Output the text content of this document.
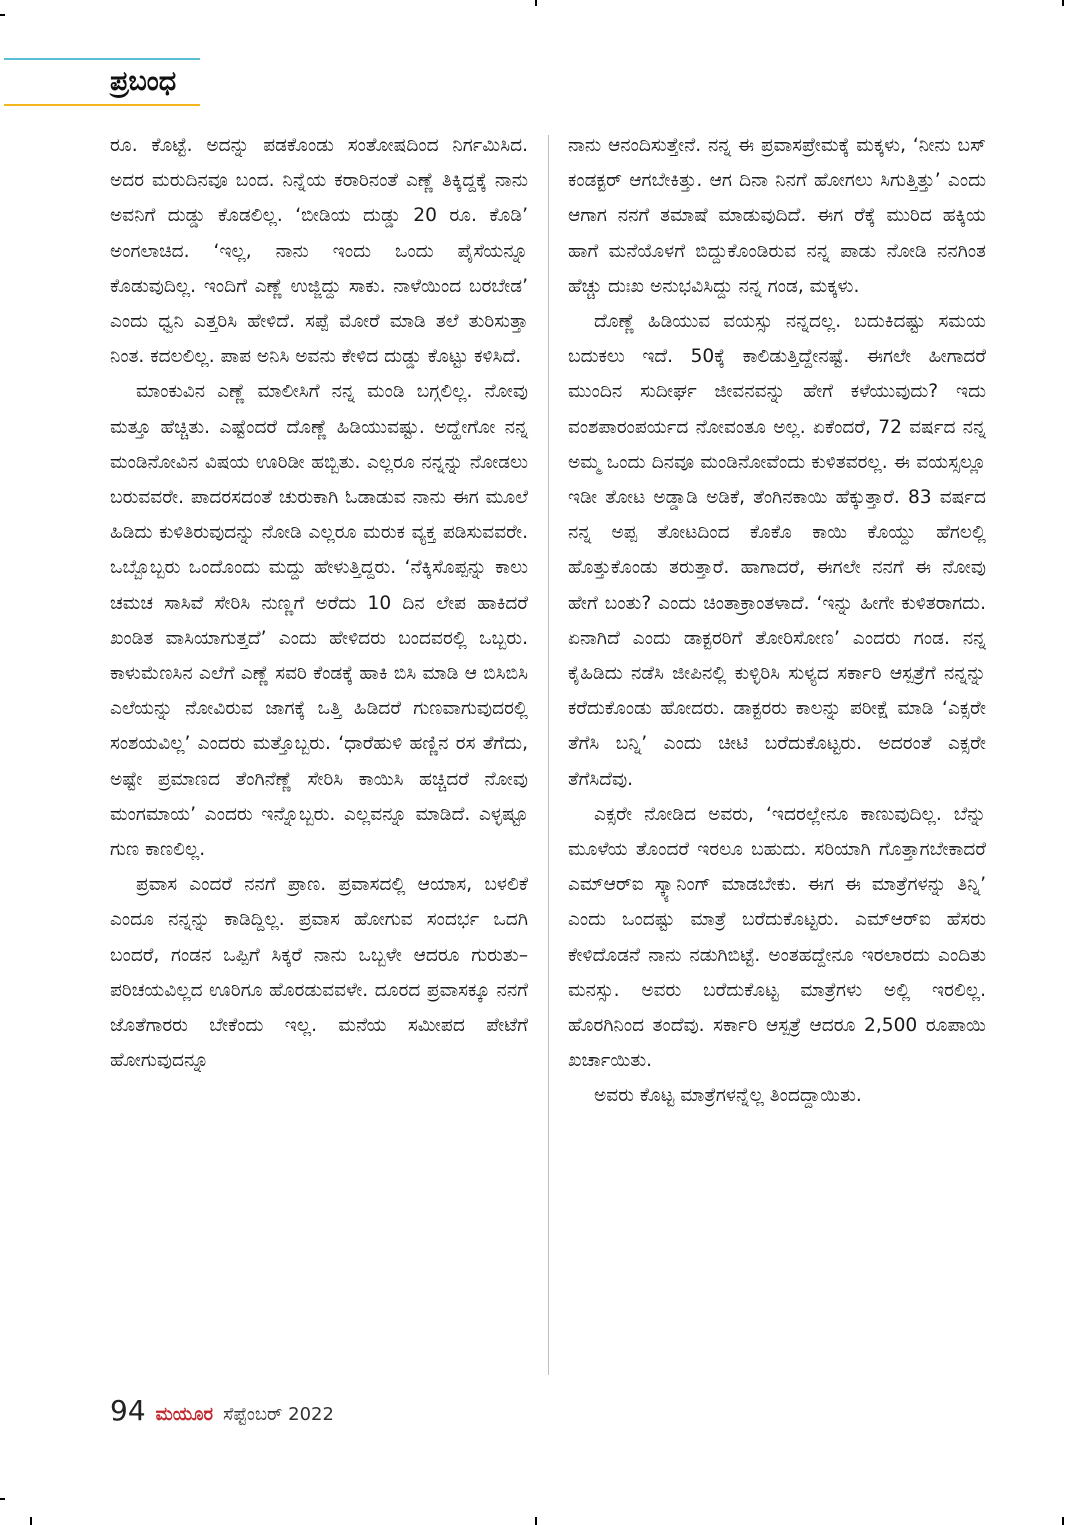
ಪ್ರಬಂಧ

ರೂ. ಕೊಟ್ಟೆ. ಅದನ್ನು ಪಡಕೊಂಡು ಸಂತೋಷದಿಂದ ನಿರ್ಗಮಿಸಿದ. ಅದರ ಮರುದಿನವೂ ಬಂದ. ನಿನ್ನೆಯ ಕರಾರಿನಂತೆ ಎಣ್ಣೆ ತಿಕ್ಕಿದ್ದಕ್ಕೆ ನಾನು ಅವನಿಗೆ ದುಡ್ಡು ಕೊಡಲಿಲ್ಲ. ‘ಬೀಡಿಯ ದುಡ್ಡು 20 ರೂ. ಕೊಡಿ’ ಅಂಗಲಾಚಿದ. ‘ಇಲ್ಲ, ನಾನು ಇಂದು ಒಂದು ಪೈಸೆಯನ್ನೂ ಕೊಡುವುದಿಲ್ಲ. ಇಂದಿಗೆ ಎಣ್ಣೆ ಉಜ್ಜಿದ್ದು ಸಾಕು. ನಾಳೆಯಿಂದ ಬರಬೇಡ’ ಎಂದು ಧ್ವನಿ ಎತ್ತರಿಸಿ ಹೇಳಿದೆ. ಸಪ್ಪೆ ಮೋರೆ ಮಾಡಿ ತಲೆ ತುರಿಸುತ್ತಾ ನಿಂತ. ಕದಲಲಿಲ್ಲ. ಪಾಪ ಅನಿಸಿ ಅವನು ಕೇಳಿದ ದುಡ್ಡು ಕೊಟ್ಟು ಕಳಿಸಿದೆ.

ಮಾಂಕುವಿನ ಎಣ್ಣೆ ಮಾಲೀಸಿಗೆ ನನ್ನ ಮಂಡಿ ಬಗ್ಗಲಿಲ್ಲ. ನೋವು ಮತ್ತೂ ಹೆಚ್ಚಿತು. ಎಷ್ಟೆಂದರೆ ದೊಣ್ಣೆ ಹಿಡಿಯುವಷ್ಟು. ಅದ್ಹೇಗೋ ನನ್ನ ಮಂಡಿನೋವಿನ ವಿಷಯ ಊರಿಡೀ ಹಬ್ಬಿತು. ಎಲ್ಲರೂ ನನ್ನನ್ನು ನೋಡಲು ಬರುವವರೇ. ಪಾದರಸದಂತೆ ಚುರುಕಾಗಿ ಓಡಾಡುವ ನಾನು ಈಗ ಮೂಲೆ ಹಿಡಿದು ಕುಳಿತಿರುವುದನ್ನು ನೋಡಿ ಎಲ್ಲರೂ ಮರುಕ ವ್ಯಕ್ತ ಪಡಿಸುವವರೇ. ಒಬ್ಬೊಬ್ಬರು ಒಂದೊಂದು ಮದ್ದು ಹೇಳುತ್ತಿದ್ದರು. ‘ನೆಕ್ಕಿಸೊಪ್ಪನ್ನು ಕಾಲು ಚಮಚ ಸಾಸಿವೆ ಸೇರಿಸಿ ನುಣ್ಣಗೆ ಅರೆದು 10 ದಿನ ಲೇಪ ಹಾಕಿದರೆ ಖಂಡಿತ ವಾಸಿಯಾಗುತ್ತದೆ’ ಎಂದು ಹೇಳಿದರು ಬಂದವರಲ್ಲಿ ಒಬ್ಬರು. ಕಾಳುಮೆಣಸಿನ ಎಲೆಗೆ ಎಣ್ಣೆ ಸವರಿ ಕೆಂಡಕ್ಕೆ ಹಾಕಿ ಬಿಸಿ ಮಾಡಿ ಆ ಬಿಸಿಬಿಸಿ ಎಲೆಯನ್ನು ನೋವಿರುವ ಜಾಗಕ್ಕೆ ಒತ್ತಿ ಹಿಡಿದರೆ ಗುಣವಾಗುವುದರಲ್ಲಿ ಸಂಶಯವಿಲ್ಲ’ ಎಂದರು ಮತ್ತೊಬ್ಬರು. ‘ಧಾರೆಹುಳಿ ಹಣ್ಣಿನ ರಸ ತೆಗೆದು, ಅಷ್ಟೇ ಪ್ರಮಾಣದ ತೆಂಗಿನೆಣ್ಣೆ ಸೇರಿಸಿ ಕಾಯಿಸಿ ಹಚ್ಚಿದರೆ ನೋವು ಮಂಗಮಾಯ’ ಎಂದರು ಇನ್ನೊಬ್ಬರು. ಎಲ್ಲವನ್ನೂ ಮಾಡಿದೆ. ಎಳ್ಳಷ್ಟೂ ಗುಣ ಕಾಣಲಿಲ್ಲ.

ಪ್ರವಾಸ ಎಂದರೆ ನನಗೆ ಪ್ರಾಣ. ಪ್ರವಾಸದಲ್ಲಿ ಆಯಾಸ, ಬಳಲಿಕೆ ಎಂದೂ ನನ್ನನ್ನು ಕಾಡಿದ್ದಿಲ್ಲ. ಪ್ರವಾಸ ಹೋಗುವ ಸಂದರ್ಭ ಒದಗಿ ಬಂದರೆ, ಗಂಡನ ಒಪ್ಪಿಗೆ ಸಿಕ್ಕರೆ ನಾನು ಒಬ್ಬಳೇ ಆದರೂ ಗುರುತು– ಪರಿಚಯವಿಲ್ಲದ ಊರಿಗೂ ಹೊರಡುವವಳೇ. ದೂರದ ಪ್ರವಾಸಕ್ಕೂ ನನಗೆ ಜೊತೆಗಾರರು ಬೇಕೆಂದು ಇಲ್ಲ. ಮನೆಯ ಸಮೀಪದ ಪೇಟೆಗೆ ಹೋಗುವುದನ್ನೂ

ನಾನು ಆನಂದಿಸುತ್ತೇನೆ. ನನ್ನ ಈ ಪ್ರವಾಸಪ್ರೇಮಕ್ಕೆ ಮಕ್ಕಳು, ‘ನೀನು ಬಸ್ ಕಂಡಕ್ಟರ್ ಆಗಬೇಕಿತ್ತು. ಆಗ ದಿನಾ ನಿನಗೆ ಹೋಗಲು ಸಿಗುತ್ತಿತ್ತು’ ಎಂದು ಆಗಾಗ ನನಗೆ ತಮಾಷೆ ಮಾಡುವುದಿದೆ. ಈಗ ರೆಕ್ಕೆ ಮುರಿದ ಹಕ್ಕಿಯ ಹಾಗೆ ಮನೆಯೊಳಗೆ ಬಿದ್ದುಕೊಂಡಿರುವ ನನ್ನ ಪಾಡು ನೋಡಿ ನನಗಿಂತ ಹೆಚ್ಚು ದುಃಖ ಅನುಭವಿಸಿದ್ದು ನನ್ನ ಗಂಡ, ಮಕ್ಕಳು.

ದೊಣ್ಣೆ ಹಿಡಿಯುವ ವಯಸ್ಸು ನನ್ನದಲ್ಲ. ಬದುಕಿದಷ್ಟು ಸಮಯ ಬದುಕಲು ಇದೆ. 50ಕ್ಕೆ ಕಾಲಿಡುತ್ತಿದ್ದೇನಷ್ಟೆ. ಈಗಲೇ ಹೀಗಾದರೆ ಮುಂದಿನ ಸುದೀರ್ಘ ಜೀವನವನ್ನು ಹೇಗೆ ಕಳೆಯುವುದು? ಇದು ವಂಶಪಾರಂಪರ್ಯದ ನೋವಂತೂ ಅಲ್ಲ. ಏಕೆಂದರೆ, 72 ವರ್ಷದ ನನ್ನ ಅಮ್ಮ ಒಂದು ದಿನವೂ ಮಂಡಿನೋವೆಂದು ಕುಳಿತವರಲ್ಲ. ಈ ವಯಸ್ಸಲ್ಲೂ ಇಡೀ ತೋಟ ಅಡ್ಡಾಡಿ ಅಡಿಕೆ, ತೆಂಗಿನಕಾಯಿ ಹೆಕ್ಕುತ್ತಾರೆ. 83 ವರ್ಷದ ನನ್ನ ಅಪ್ಪ ತೋಟದಿಂದ ಕೊಕೊ ಕಾಯಿ ಕೊಯ್ದು ಹೆಗಲಲ್ಲಿ ಹೊತ್ತುಕೊಂಡು ತರುತ್ತಾರೆ. ಹಾಗಾದರೆ, ಈಗಲೇ ನನಗೆ ಈ ನೋವು ಹೇಗೆ ಬಂತು? ಎಂದು ಚಿಂತಾಕ್ರಾಂತಳಾದೆ. ‘ಇನ್ನು ಹೀಗೇ ಕುಳಿತರಾಗದು. ಏನಾಗಿದೆ ಎಂದು ಡಾಕ್ಟರರಿಗೆ ತೋರಿಸೋಣ’ ಎಂದರು ಗಂಡ. ನನ್ನ ಕೈಹಿಡಿದು ನಡೆಸಿ ಜೀಪಿನಲ್ಲಿ ಕುಳ್ಳಿರಿಸಿ ಸುಳ್ಯದ ಸರ್ಕಾರಿ ಆಸ್ಪತ್ರೆಗೆ ನನ್ನನ್ನು ಕರೆದುಕೊಂಡು ಹೋದರು. ಡಾಕ್ಟರರು ಕಾಲನ್ನು ಪರೀಕ್ಷೆ ಮಾಡಿ ‘ಎಕ್ಸರೇ ತೆಗೆಸಿ ಬನ್ನಿ’ ಎಂದು ಚೀಟಿ ಬರೆದುಕೊಟ್ಟರು. ಅದರಂತೆ ಎಕ್ಸರೇ ತೆಗೆಸಿದೆವು.

ಎಕ್ಸರೇ ನೋಡಿದ ಅವರು, ‘ಇದರಲ್ಲೇನೂ ಕಾಣುವುದಿಲ್ಲ. ಬೆನ್ನು ಮೂಳೆಯ ತೊಂದರೆ ಇರಲೂ ಬಹುದು. ಸರಿಯಾಗಿ ಗೊತ್ತಾಗಬೇಕಾದರೆ ಎಮ್‌ಆರ್‌ಐ ಸ್ಕ್ಯಾನಿಂಗ್ ಮಾಡಬೇಕು. ಈಗ ಈ ಮಾತ್ರೆಗಳನ್ನು ತಿನ್ನಿ’ ಎಂದು ಒಂದಷ್ಟು ಮಾತ್ರೆ ಬರೆದುಕೊಟ್ಟರು. ಎಮ್‌ಆರ್‌ಐ ಹೆಸರು ಕೇಳಿದೊಡನೆ ನಾನು ನಡುಗಿಬಿಟ್ಟೆ. ಅಂತಹದ್ದೇನೂ ಇರಲಾರದು ಎಂದಿತು ಮನಸ್ಸು. ಅವರು ಬರೆದುಕೊಟ್ಟ ಮಾತ್ರೆಗಳು ಅಲ್ಲಿ ಇರಲಿಲ್ಲ. ಹೊರಗಿನಿಂದ ತಂದೆವು. ಸರ್ಕಾರಿ ಆಸ್ಪತ್ರೆ ಆದರೂ 2,500 ರೂಪಾಯಿ ಖರ್ಚಾಯಿತು.

ಅವರು ಕೊಟ್ಟ ಮಾತ್ರೆಗಳನ್ನೆಲ್ಲ ತಿಂದದ್ದಾಯಿತು.

94 ಮಯೂರ ಸೆಪ್ಟೆಂಬರ್ 2022
